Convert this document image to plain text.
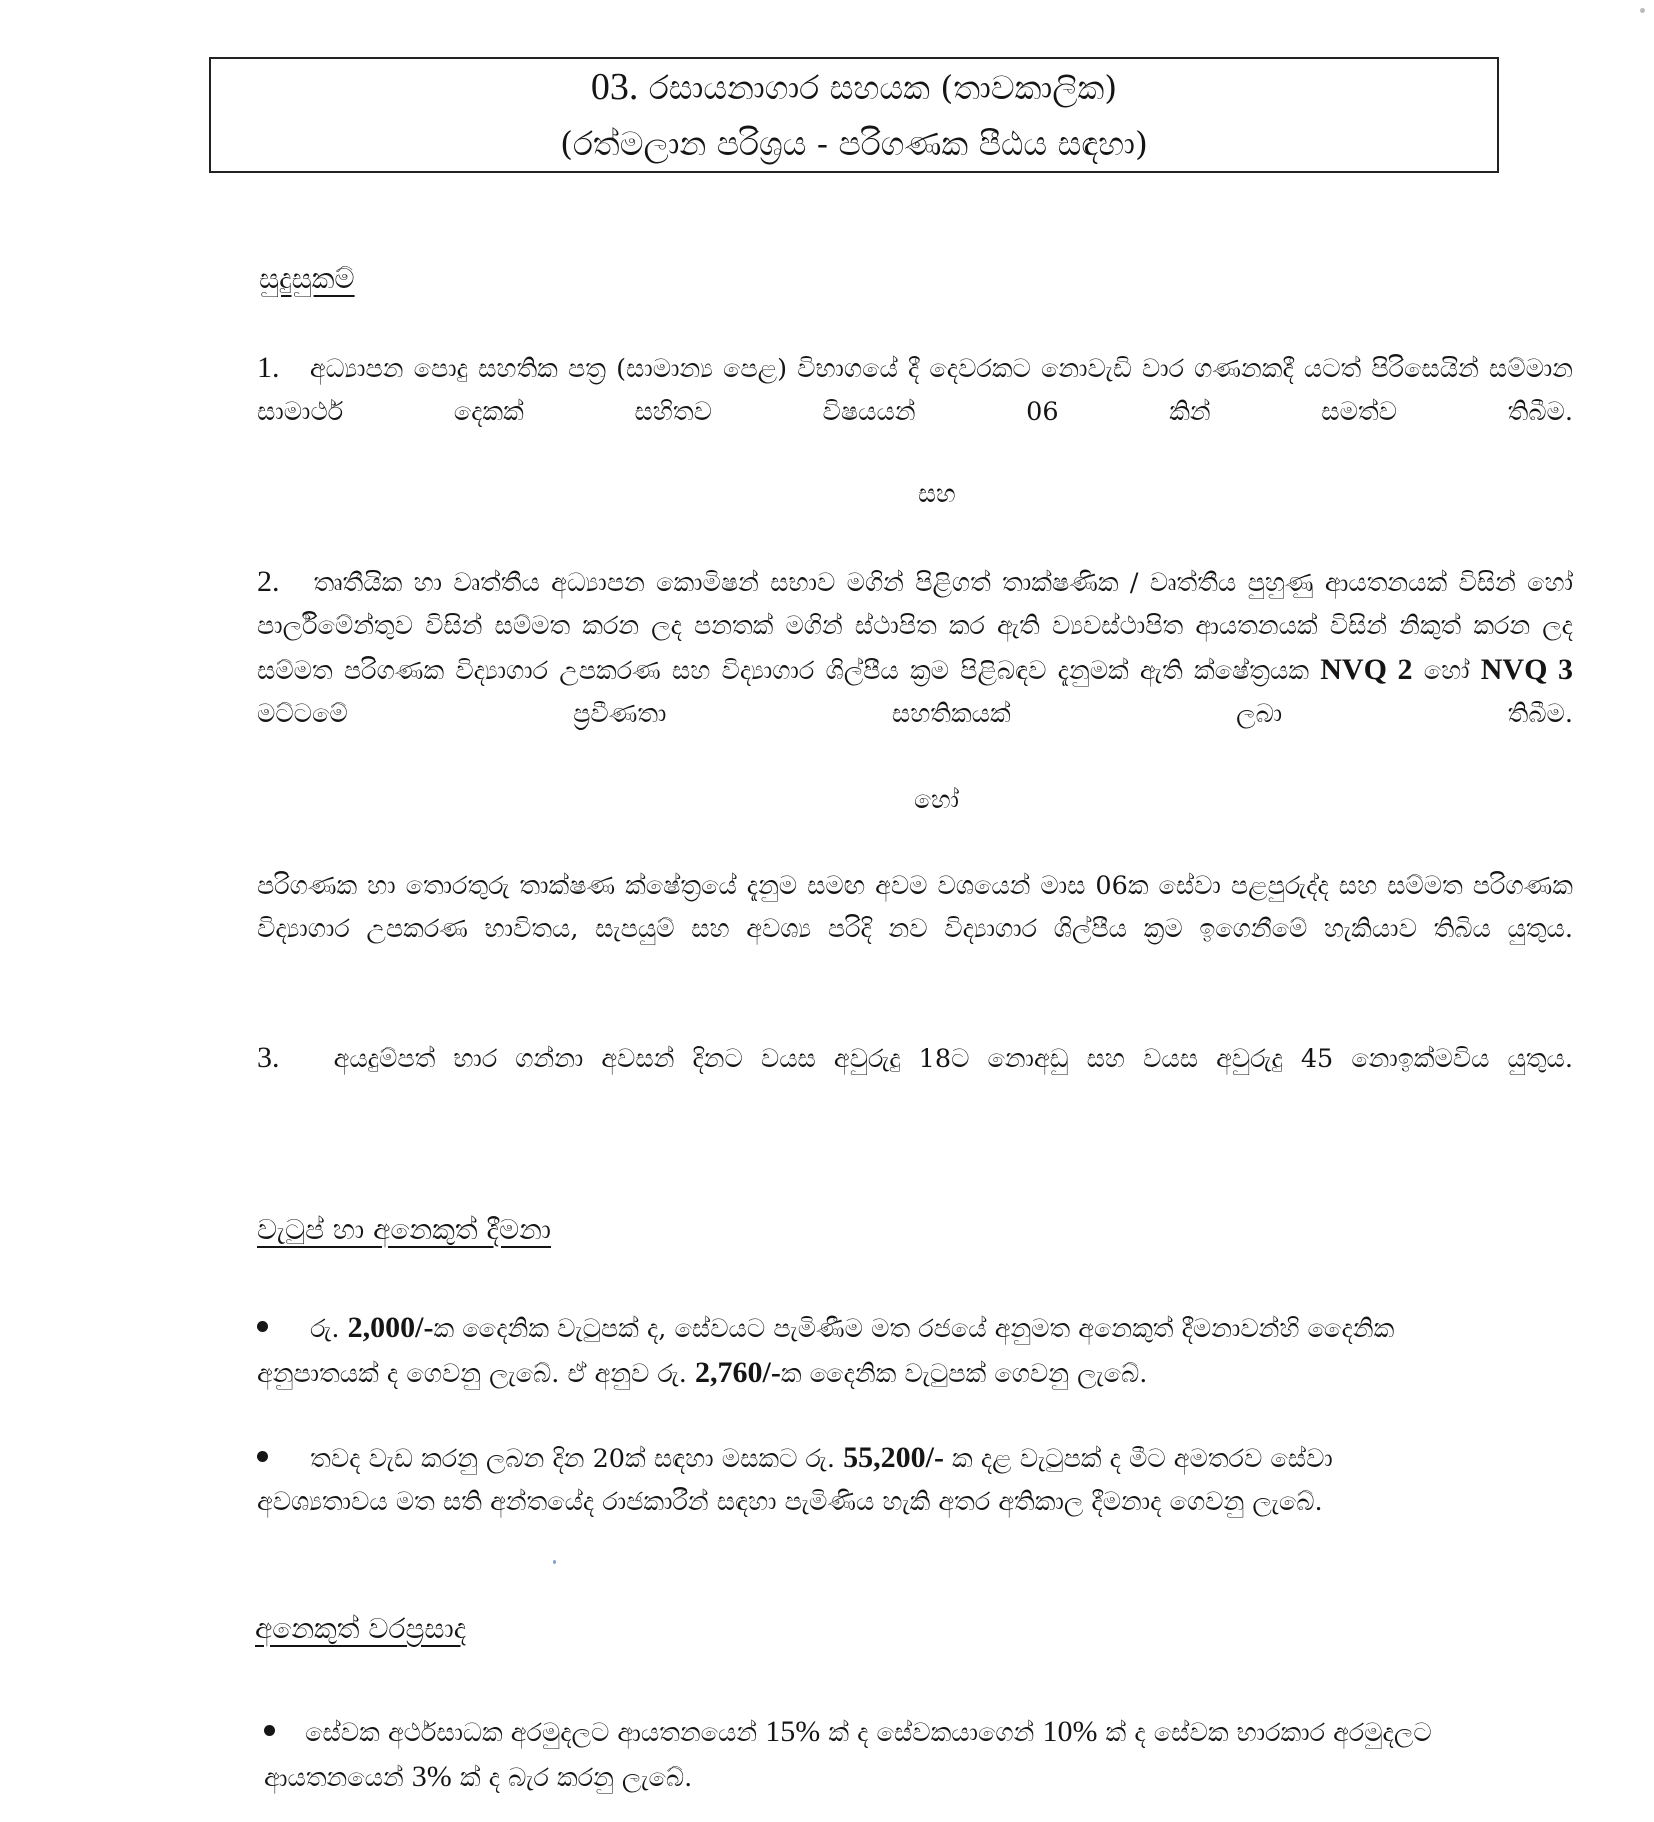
03. රසායනාගාර සහයක (තාවකාලික)
(රත්මලාන පරිශ්‍රය - පරිගණක පීඨය සඳහා)
සුදුසුකම්
1. අධ්‍යාපන පොදු සහතික පත්‍ර (සාමාන්‍ය පෙළ) විභාගයේ දී දෙවරකට නොවැඩි වාර ගණනකදී යටත් පිරිසෙයින් සම්මාන සාමාර්ථ දෙකක් සහිතව විෂයයන් 06 කින් සමත්ව තිබීම.
සහ
2. තෘතීයික හා වෘත්තීය අධ්‍යාපන කොමිෂන් සභාව මගින් පිළිගත් තාක්ෂණික / වෘත්තීය පුහුණු ආයතනයක් විසින් හෝ පාර්ලිමේන්තුව විසින් සම්මත කරන ලද පනතක් මගින් ස්ථාපිත කර ඇති ව්‍යවස්ථාපිත ආයතනයක් විසින් නිකුත් කරන ලද සම්මත පරිගණක විද්‍යාගාර උපකරණ සහ විද්‍යාගාර ශිල්පීය ක්‍රම පිළිබඳව දැනුමක් ඇති ක්ෂේත්‍රයක NVQ 2 හෝ NVQ 3 මට්ටමේ ප්‍රවීණතා සහතිකයක් ලබා තිබීම.
හෝ
පරිගණක හා තොරතුරු තාක්ෂණ ක්ෂේත්‍රයේ දැනුම සමඟ අවම වශයෙන් මාස 06ක සේවා පළපුරුද්ද සහ සම්මත පරිගණක විද්‍යාගාර උපකරණ භාවිතය, සැපයුම් සහ අවශ්‍ය පරිදි නව විද්‍යාගාර ශිල්පීය ක්‍රම ඉගෙනීමේ හැකියාව තිබිය යුතුය.
3. අයදුම්පත් භාර ගන්නා අවසන් දිනට වයස අවුරුදු 18ට නොඅඩු සහ වයස අවුරුදු 45 නොඉක්මවිය යුතුය.
වැටුප් හා අනෙකුත් දීමනා
රු. 2,000/-ක දෛනික වැටුපක් ද, සේවයට පැමිණීම මත රජයේ අනුමත අනෙකුත් දීමනාවන්හි දෛනික අනුපාතයක් ද ගෙවනු ලැබේ. ඒ අනුව රු. 2,760/-ක දෛනික වැටුපක් ගෙවනු ලැබේ.
තවද වැඩ කරනු ලබන දින 20ක් සඳහා මසකට රු. 55,200/- ක දළ වැටුපක් ද මීට අමතරව සේවා අවශ්‍යතාවය මත සති අන්තයේද රාජකාරීන් සඳහා පැමිණිය හැකි අතර අතිකාල දීමනාද ගෙවනු ලැබේ.
අනෙකුත් වරප්‍රසාද
සේවක අර්ථසාධක අරමුදලට ආයතනයෙන් 15% ක් ද සේවකයාගෙන් 10% ක් ද සේවක භාරකාර අරමුදලට ආයතනයෙන් 3% ක් ද බැර කරනු ලැබේ.
